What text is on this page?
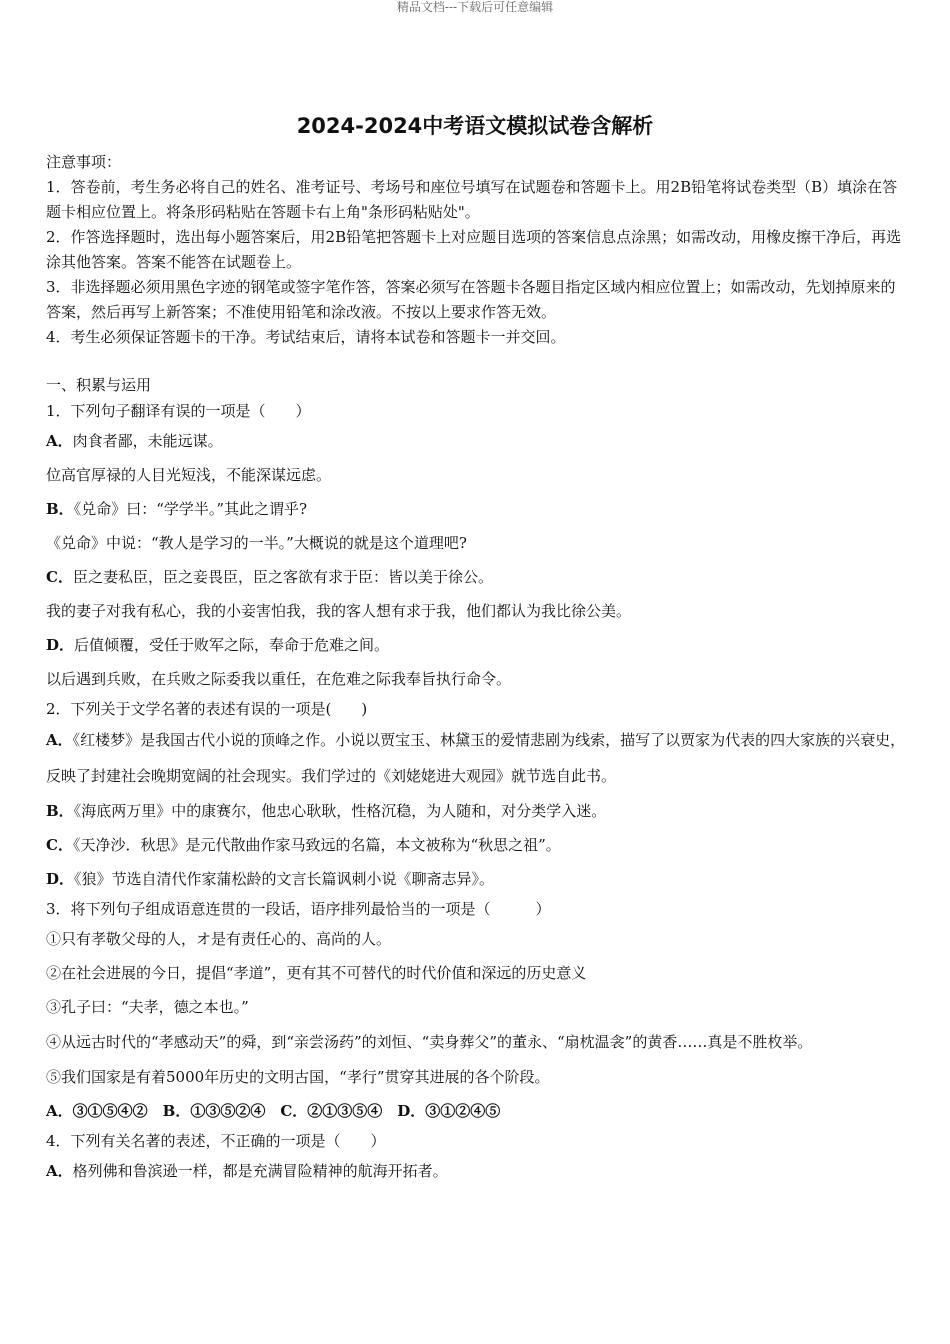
精品文档---下载后可任意编辑
2024-2024中考语文模拟试卷含解析

注意事项：

1．答卷前，考生务必将自己的姓名、准考证号、考场号和座位号填写在试题卷和答题卡上。用2B铅笔将试卷类型（B）填涂在答题卡相应位置上。将条形码粘贴在答题卡右上角"条形码粘贴处"。

2．作答选择题时，选出每小题答案后，用2B铅笔把答题卡上对应题目选项的答案信息点涂黑；如需改动，用橡皮擦干净后，再选涂其他答案。答案不能答在试题卷上。

3．非选择题必须用黑色字迹的钢笔或签字笔作答，答案必须写在答题卡各题目指定区域内相应位置上；如需改动，先划掉原来的答案，然后再写上新答案；不准使用铅笔和涂改液。不按以上要求作答无效。

4．考生必须保证答题卡的干净。考试结束后，请将本试卷和答题卡一并交回。

一、积累与运用

1．下列句子翻译有误的一项是（　　）

A．肉食者鄙，未能远谋。

位高官厚禄的人目光短浅，不能深谋远虑。

B．《兑命》曰：“学学半。”其此之谓乎?

《兑命》中说：“教人是学习的一半。”大概说的就是这个道理吧?

C．臣之妻私臣，臣之妾畏臣，臣之客欲有求于臣：皆以美于徐公。

我的妻子对我有私心，我的小妾害怕我，我的客人想有求于我，他们都认为我比徐公美。

D．后值倾覆，受任于败军之际，奉命于危难之间。

以后遇到兵败，在兵败之际委我以重任，在危难之际我奉旨执行命令。

2．下列关于文学名著的表述有误的一项是(　　)

A．《红楼梦》是我国古代小说的顶峰之作。小说以贾宝玉、林黛玉的爱情悲剧为线索，描写了以贾家为代表的四大家族的兴衰史，反映了封建社会晚期宽阔的社会现实。我们学过的《刘姥姥进大观园》就节选自此书。

B．《海底两万里》中的康赛尔，他忠心耿耿，性格沉稳，为人随和，对分类学入迷。

C．《天净沙．秋思》是元代散曲作家马致远的名篇，本文被称为“秋思之祖”。

D．《狼》节选自清代作家蒲松龄的文言长篇讽刺小说《聊斋志异》。

3．将下列句子组成语意连贯的一段话，语序排列最恰当的一项是（　　　）

①只有孝敬父母的人，オ是有责任心的、高尚的人。

②在社会进展的今日，提倡“孝道”，更有其不可替代的时代价值和深远的历史意义

③孔子曰：“夫孝，德之本也。”

④从远古时代的“孝感动天”的舜，到“亲尝汤药”的刘恒、“卖身葬父”的董永、“扇枕温衾”的黄香……真是不胜枚举。

⑤我们国家是有着5000年历史的文明古国，“孝行”贯穿其进展的各个阶段。

A．③①⑤④②　B．①③⑤②④　C．②①③⑤④　D．③①②④⑤

4．下列有关名著的表述，不正确的一项是（　　）

A．格列佛和鲁滨逊一样，都是充满冒险精神的航海开拓者。
